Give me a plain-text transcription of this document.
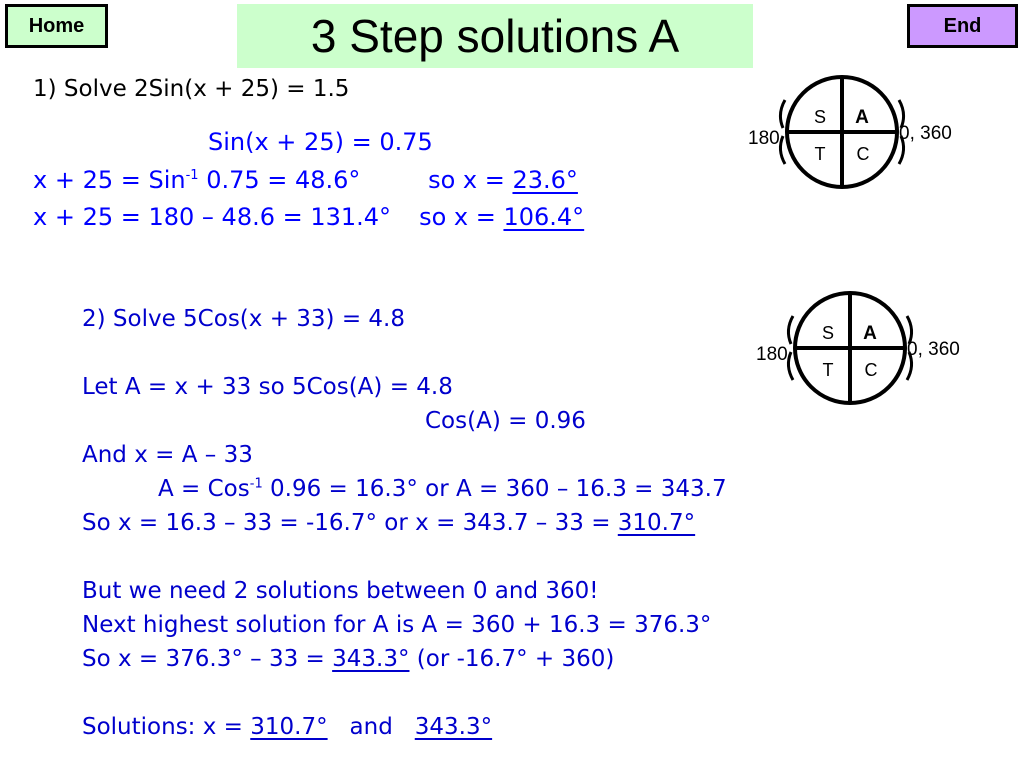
Home	3 Step solutions A	End
1) Solve 2Sin(x + 25) = 1.5
Sin(x + 25) = 0.75
x + 25 = Sin$^{-1}$ 0.75 = 48.6°	so x = 23.6°
x + 25 = 180 – 48.6 = 131.4° so x = 106.4°
S A
T C
180	0, 360
2) Solve 5Cos(x + 33) = 4.8
Let A = x + 33 so 5Cos(A) = 4.8
Cos(A) = 0.96
And x = A – 33
A = Cos$^{-1}$ 0.96 = 16.3° or A = 360 – 16.3 = 343.7
So x = 16.3 – 33 = -16.7° or x = 343.7 – 33 = 310.7°
But we need 2 solutions between 0 and 360!
Next highest solution for A is A = 360 + 16.3 = 376.3°
So x = 376.3° – 33 = 343.3° (or -16.7° + 360)
Solutions: x = 310.7°   and   343.3°
S A
T C
180	0, 360
